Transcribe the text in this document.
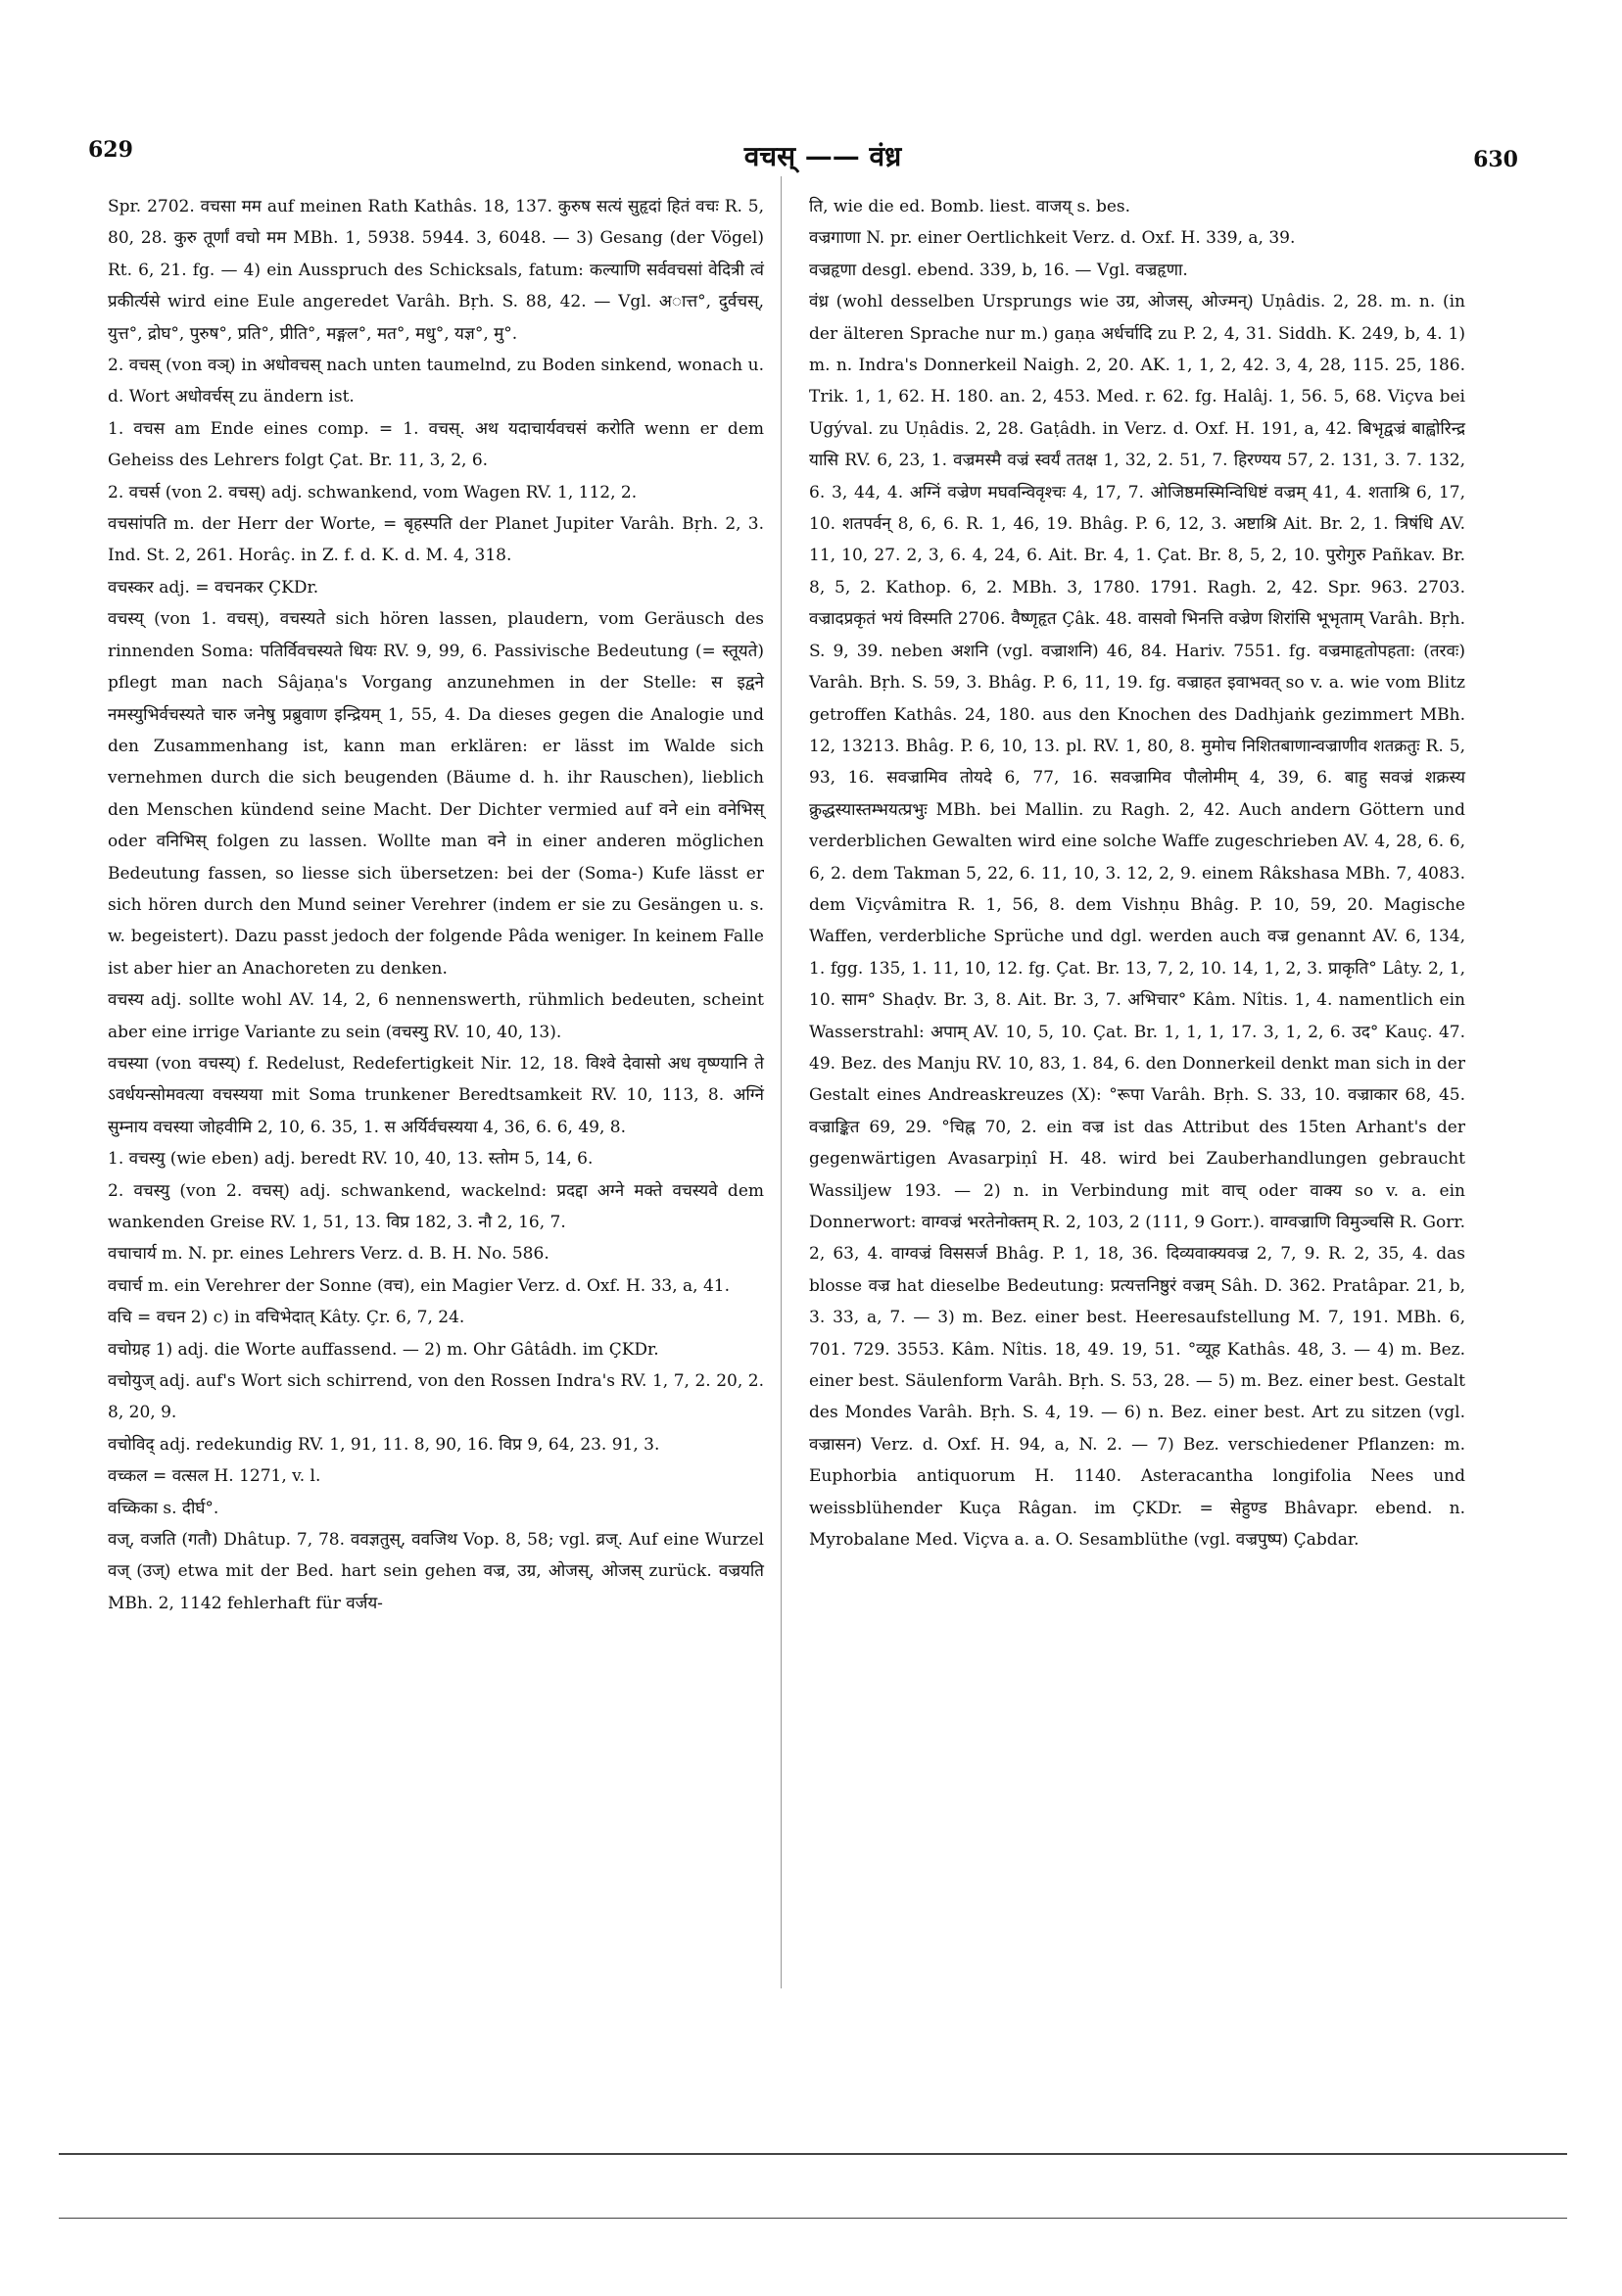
629	वचस् —— वंध्र	630

Spr. 2702. वचसा मम auf meinen Rath Kathâs. 18, 137. कुरुष सत्यं सुहृदां हितं वचः R. 5, 80, 28. कुरु तूर्णां वचो मम MBh. 1, 5938. 5944. 3, 6048. — 3) Gesang (der Vögel) Rt. 6, 21. fg. — 4) ein Ausspruch des Schicksals, fatum: कल्याणि सर्ववचसां वेदित्री त्वं प्रकीर्त्यसे wird eine Eule angeredet Varâh. Bṛh. S. 88, 42. — Vgl. अात्त°, दुर्वचस्, युत्त°, द्रोघ°, पुरुष°, प्रति°, प्रीति°, मङ्गल°, मत°, मधु°, यज्ञ°, मु°.

2. वचस् (von वञ्) in अधोवचस् nach unten taumelnd, zu Boden sinkend, wonach u. d. Wort अधोवर्चस् zu ändern ist.

1. वचस am Ende eines comp. = 1. वचस्. अथ यदाचार्यवचसं करोति wenn er dem Geheiss des Lehrers folgt Çat. Br. 11, 3, 2, 6.

2. वचर्स (von 2. वचस्) adj. schwankend, vom Wagen RV. 1, 112, 2.

वचसांपति m. der Herr der Worte, = बृहस्पति der Planet Jupiter Varâh. Bṛh. 2, 3. Ind. St. 2, 261. Horâç. in Z. f. d. K. d. M. 4, 318.

वचस्कर adj. = वचनकर ÇKDr.

वचस्य् (von 1. वचस्), वचस्यते sich hören lassen, plaudern, vom Geräusch des rinnenden Soma: पतिर्विवचस्यते धियः RV. 9, 99, 6. Passivische Bedeutung (= स्तूयते) pflegt man nach Sâjaṇa's Vorgang anzunehmen in der Stelle: स इद्वने नमस्युभिर्वचस्यते चारु जनेषु प्रब्रुवाण इन्द्रियम् 1, 55, 4. Da dieses gegen die Analogie und den Zusammenhang ist, kann man erklären: er lässt im Walde sich vernehmen durch die sich beugenden (Bäume d. h. ihr Rauschen), lieblich den Menschen kündend seine Macht. Der Dichter vermied auf वने ein वनेभिस् oder वनिभिस् folgen zu lassen. Wollte man वने in einer anderen möglichen Bedeutung fassen, so liesse sich übersetzen: bei der (Soma-) Kufe lässt er sich hören durch den Mund seiner Verehrer (indem er sie zu Gesängen u. s. w. begeistert). Dazu passt jedoch der folgende Pâda weniger. In keinem Falle ist aber hier an Anachoreten zu denken.

वचस्य adj. sollte wohl AV. 14, 2, 6 nennenswerth, rühmlich bedeuten, scheint aber eine irrige Variante zu sein (वचस्यु RV. 10, 40, 13).

वचस्या (von वचस्य्) f. Redelust, Redefertigkeit Nir. 12, 18. विश्वे देवासो अध वृष्ण्यानि ते ऽवर्धयन्सोमवत्या वचस्यया mit Soma trunkener Beredtsamkeit RV. 10, 113, 8. अग्निं सुम्नाय वचस्या जोहवीमि 2, 10, 6. 35, 1. स अर्यिर्वचस्यया 4, 36, 6. 6, 49, 8.

1. वचस्यु (wie eben) adj. beredt RV. 10, 40, 13. स्तोम 5, 14, 6.

2. वचस्यु (von 2. वचस्) adj. schwankend, wackelnd: प्रदद्दा अग्ने मक्ते वचस्यवे dem wankenden Greise RV. 1, 51, 13. विप्र 182, 3. नौ 2, 16, 7.

वचाचार्य m. N. pr. eines Lehrers Verz. d. B. H. No. 586.

वचार्च m. ein Verehrer der Sonne (वच), ein Magier Verz. d. Oxf. H. 33, a, 41.

वचि = वचन 2) c) in वचिभेदात् Kâty. Çr. 6, 7, 24.

वचोग्रह 1) adj. die Worte auffassend. — 2) m. Ohr Gâtâdh. im ÇKDr.

वचोयुज् adj. auf's Wort sich schirrend, von den Rossen Indra's RV. 1, 7, 2. 20, 2. 8, 20, 9.

वचोविद् adj. redekundig RV. 1, 91, 11. 8, 90, 16. विप्र 9, 64, 23. 91, 3.

वच्कल = वत्सल H. 1271, v. l.

वच्किका s. दीर्घ°.

वज्, वजति (गतौ) Dhâtup. 7, 78. ववज्ञतुस्, ववजिथ Vop. 8, 58; vgl. व्रज्. Auf eine Wurzel वज् (उज्) etwa mit der Bed. hart sein gehen वज्र, उग्र, ओजस्, ओजस् zurück. वज्रयति MBh. 2, 1142 fehlerhaft für वर्जय-

ति, wie die ed. Bomb. liest. वाजय् s. bes.

वज्रगाणा N. pr. einer Oertlichkeit Verz. d. Oxf. H. 339, a, 39.

वज्रहृणा desgl. ebend. 339, b, 16. — Vgl. वज्रहृणा.

वंध्र (wohl desselben Ursprungs wie उग्र, ओजस्, ओज्मन्) Uṇâdis. 2, 28. m. n. (in der älteren Sprache nur m.) gaṇa अर्धर्चादि zu P. 2, 4, 31. Siddh. K. 249, b, 4. 1) m. n. Indra's Donnerkeil Naigh. 2, 20. AK. 1, 1, 2, 42. 3, 4, 28, 115. 25, 186. Trik. 1, 1, 62. H. 180. an. 2, 453. Med. r. 62. fg. Halâj. 1, 56. 5, 68. Viçva bei Ugýval. zu Uṇâdis. 2, 28. Gaṭâdh. in Verz. d. Oxf. H. 191, a, 42. बिभृद्वज्रं बाह्वोरिन्द्र यासि RV. 6, 23, 1. वज्रमस्मै वज्रं स्वर्यं ततक्ष 1, 32, 2. 51, 7. हिरण्यय 57, 2. 131, 3. 7. 132, 6. 3, 44, 4. अग्निं वज्रेण मघवन्विवृश्चः 4, 17, 7. ओजिष्ठमस्मिन्विधिष्टं वज्रम् 41, 4. शताश्रि 6, 17, 10. शतपर्वन् 8, 6, 6. R. 1, 46, 19. Bhâg. P. 6, 12, 3. अष्टाश्रि Ait. Br. 2, 1. त्रिषंधि AV. 11, 10, 27. 2, 3, 6. 4, 24, 6. Ait. Br. 4, 1. Çat. Br. 8, 5, 2, 10. पुरोगुरु Pañkav. Br. 8, 5, 2. Kathop. 6, 2. MBh. 3, 1780. 1791. Ragh. 2, 42. Spr. 963. 2703. वज्रादप्रकृतं भयं विस्मति 2706. वैष्णृहृत Çâk. 48. वासवो भिनत्ति वज्रेण शिरांसि भूभृताम् Varâh. Bṛh. S. 9, 39. neben अशनि (vgl. वज्राशनि) 46, 84. Hariv. 7551. fg. वज्रमाहृतोपहता: (तरवः) Varâh. Bṛh. S. 59, 3. Bhâg. P. 6, 11, 19. fg. वज्राहत इवाभवत् so v. a. wie vom Blitz getroffen Kathâs. 24, 180. aus den Knochen des Dadhjaṅk gezimmert MBh. 12, 13213. Bhâg. P. 6, 10, 13. pl. RV. 1, 80, 8. मुमोच निशितबाणान्वज्राणीव शतक्रतुः R. 5, 93, 16. सवज्रामिव तोयदे 6, 77, 16. सवज्रामिव पौलोमीम् 4, 39, 6. बाहु सवज्रं शक्रस्य क्रुद्धस्यास्तम्भयत्प्रभुः MBh. bei Mallin. zu Ragh. 2, 42. Auch andern Göttern und verderblichen Gewalten wird eine solche Waffe zugeschrieben AV. 4, 28, 6. 6, 6, 2. dem Takman 5, 22, 6. 11, 10, 3. 12, 2, 9. einem Râkshasa MBh. 7, 4083. dem Viçvâmitra R. 1, 56, 8. dem Vishṇu Bhâg. P. 10, 59, 20. Magische Waffen, verderbliche Sprüche und dgl. werden auch वज्र genannt AV. 6, 134, 1. fgg. 135, 1. 11, 10, 12. fg. Çat. Br. 13, 7, 2, 10. 14, 1, 2, 3. प्राकृति° Lâty. 2, 1, 10. साम° Shaḍv. Br. 3, 8. Ait. Br. 3, 7. अभिचार° Kâm. Nîtis. 1, 4. namentlich ein Wasserstrahl: अपाम् AV. 10, 5, 10. Çat. Br. 1, 1, 1, 17. 3, 1, 2, 6. उद° Kauç. 47. 49. Bez. des Manju RV. 10, 83, 1. 84, 6. den Donnerkeil denkt man sich in der Gestalt eines Andreaskreuzes (X): °रूपा Varâh. Bṛh. S. 33, 10. वज्राकार 68, 45. वज्राङ्कित 69, 29. °चिह्न 70, 2. ein वज्र ist das Attribut des 15ten Arhant's der gegenwärtigen Avasarpiṇî H. 48. wird bei Zauberhandlungen gebraucht Wassiljew 193. — 2) n. in Verbindung mit वाच् oder वाक्य so v. a. ein Donnerwort: वाग्वज्रं भरतेनोक्तम् R. 2, 103, 2 (111, 9 Gorr.). वाग्वज्राणि विमुञ्चसि R. Gorr. 2, 63, 4. वाग्वज्रं विससर्ज Bhâg. P. 1, 18, 36. दिव्यवाक्यवज्र 2, 7, 9. R. 2, 35, 4. das blosse वज्र hat dieselbe Bedeutung: प्रत्यत्तनिष्ठुरं वज्रम् Sâh. D. 362. Pratâpar. 21, b, 3. 33, a, 7. — 3) m. Bez. einer best. Heeresaufstellung M. 7, 191. MBh. 6, 701. 729. 3553. Kâm. Nîtis. 18, 49. 19, 51. °व्यूह Kathâs. 48, 3. — 4) m. Bez. einer best. Säulenform Varâh. Bṛh. S. 53, 28. — 5) m. Bez. einer best. Gestalt des Mondes Varâh. Bṛh. S. 4, 19. — 6) n. Bez. einer best. Art zu sitzen (vgl. वज्रासन) Verz. d. Oxf. H. 94, a, N. 2. — 7) Bez. verschiedener Pflanzen: m. Euphorbia antiquorum H. 1140. Asteracantha longifolia Nees und weissblühender Kuça Râgan. im ÇKDr. = सेहुण्ड Bhâvapr. ebend. n. Myrobalane Med. Viçva a. a. O. Sesamblüthe (vgl. वज्रपुष्प) Çabdar.
